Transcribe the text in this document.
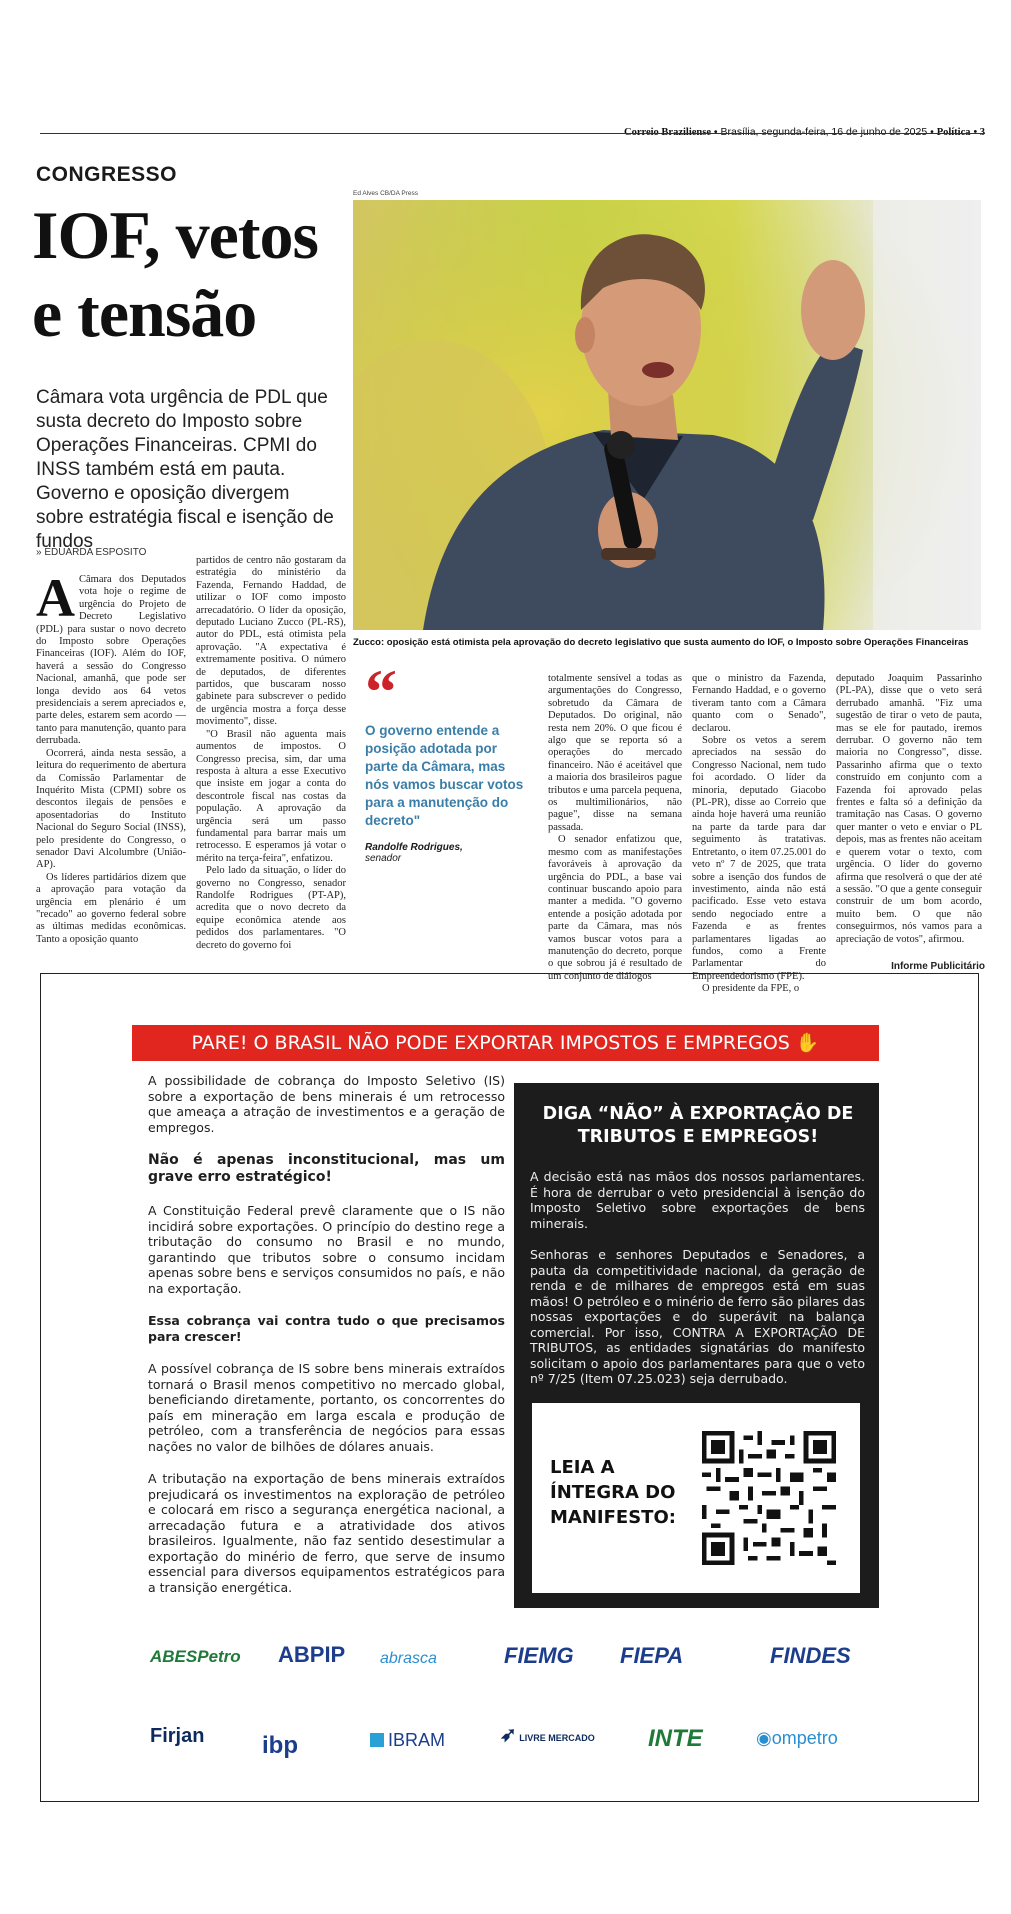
Correio Braziliense • Brasília, segunda-feira, 16 de junho de 2025 • Política • 3
CONGRESSO
IOF, vetos
e tensão
Câmara vota urgência de PDL que susta decreto do Imposto sobre Operações Financeiras. CPMI do INSS também está em pauta. Governo e oposição divergem sobre estratégia fiscal e isenção de fundos
» EDUARDA ESPOSITO
Ed Alves CB/DA Press
Zucco: oposição está otimista pela aprovação do decreto legislativo que susta aumento do IOF, o Imposto sobre Operações Financeiras
A Câmara dos Deputados vota hoje o regime de urgência do Projeto de Decreto Legislativo (PDL) para sustar o novo decreto do Imposto sobre Operações Financeiras (IOF). Além do IOF, haverá a sessão do Congresso Nacional, amanhã, que pode ser longa devido aos 64 vetos presidenciais a serem apreciados e, parte deles, estarem sem acordo — tanto para manutenção, quanto para derrubada.

Ocorrerá, ainda nesta sessão, a leitura do requerimento de abertura da Comissão Parlamentar de Inquérito Mista (CPMI) sobre os descontos ilegais de pensões e aposentadorias do Instituto Nacional do Seguro Social (INSS), pelo presidente do Congresso, o senador Davi Alcolumbre (União-AP).

Os líderes partidários dizem que a aprovação para votação da urgência em plenário é um "recado" ao governo federal sobre as últimas medidas econômicas. Tanto a oposição quanto

partidos de centro não gostaram da estratégia do ministério da Fazenda, Fernando Haddad, de utilizar o IOF como imposto arrecadatório. O líder da oposição, deputado Luciano Zucco (PL-RS), autor do PDL, está otimista pela aprovação. "A expectativa é extremamente positiva. O número de deputados, de diferentes partidos, que buscaram nosso gabinete para subscrever o pedido de urgência mostra a força desse movimento", disse.

"O Brasil não aguenta mais aumentos de impostos. O Congresso precisa, sim, dar uma resposta à altura a esse Executivo que insiste em jogar a conta do descontrole fiscal nas costas da população. A aprovação da urgência será um passo fundamental para barrar mais um retrocesso. E esperamos já votar o mérito na terça-feira", enfatizou.

Pelo lado da situação, o líder do governo no Congresso, senador Randolfe Rodrigues (PT-AP), acredita que o novo decreto da equipe econômica atende aos pedidos dos parlamentares. "O decreto do governo foi

“
O governo entende a posição adotada por parte da Câmara, mas nós vamos buscar votos para a manutenção do decreto"
Randolfe Rodrigues,
senador

totalmente sensível a todas as argumentações do Congresso, sobretudo da Câmara de Deputados. Do original, não resta nem 20%. O que ficou é algo que se reporta só a operações do mercado financeiro. Não é aceitável que a maioria dos brasileiros pague tributos e uma parcela pequena, os multimilionários, não pague", disse na semana passada.

O senador enfatizou que, mesmo com as manifestações favoráveis à aprovação da urgência do PDL, a base vai continuar buscando apoio para manter a medida. "O governo entende a posição adotada por parte da Câmara, mas nós vamos buscar votos para a manutenção do decreto, porque o que sobrou já é resultado de um conjunto de diálogos

que o ministro da Fazenda, Fernando Haddad, e o governo tiveram tanto com a Câmara quanto com o Senado", declarou.

Sobre os vetos a serem apreciados na sessão do Congresso Nacional, nem tudo foi acordado. O líder da minoria, deputado Giacobo (PL-PR), disse ao Correio que ainda hoje haverá uma reunião na parte da tarde para dar seguimento às tratativas. Entretanto, o item 07.25.001 do veto nº 7 de 2025, que trata sobre a isenção dos fundos de investimento, ainda não está pacificado. Esse veto estava sendo negociado entre a Fazenda e as frentes parlamentares ligadas ao fundos, como a Frente Parlamentar do Empreendedorismo (FPE).

O presidente da FPE, o

deputado Joaquim Passarinho (PL-PA), disse que o veto será derrubado amanhã. "Fiz uma sugestão de tirar o veto de pauta, mas se ele for pautado, iremos derrubar. O governo não tem maioria no Congresso", disse. Passarinho afirma que o texto construído em conjunto com a Fazenda foi aprovado pelas frentes e falta só a definição da tramitação nas Casas. O governo quer manter o veto e enviar o PL depois, mas as frentes não aceitam e querem votar o texto, com urgência. O líder do governo afirma que resolverá o que der até a sessão. "O que a gente conseguir construir de um bom acordo, muito bem. O que não conseguirmos, nós vamos para a apreciação de votos", afirmou.

Informe Publicitário
PARE! O BRASIL NÃO PODE EXPORTAR IMPOSTOS E EMPREGOS ✋

A possibilidade de cobrança do Imposto Seletivo (IS) sobre a exportação de bens minerais é um retrocesso que ameaça a atração de investimentos e a geração de empregos.

Não é apenas inconstitucional, mas um grave erro estratégico!

A Constituição Federal prevê claramente que o IS não incidirá sobre exportações. O princípio do destino rege a tributação do consumo no Brasil e no mundo, garantindo que tributos sobre o consumo incidam apenas sobre bens e serviços consumidos no país, e não na exportação.

Essa cobrança vai contra tudo o que precisamos para crescer!

A possível cobrança de IS sobre bens minerais extraídos tornará o Brasil menos competitivo no mercado global, beneficiando diretamente, portanto, os concorrentes do país em mineração em larga escala e produção de petróleo, com a transferência de negócios para essas nações no valor de bilhões de dólares anuais.

A tributação na exportação de bens minerais extraídos prejudicará os investimentos na exploração de petróleo e colocará em risco a segurança energética nacional, a arrecadação futura e a atratividade dos ativos brasileiros. Igualmente, não faz sentido desestimular a exportação do minério de ferro, que serve de insumo essencial para diversos equipamentos estratégicos para a transição energética.

DIGA “NÃO” À EXPORTAÇÃO DE TRIBUTOS E EMPREGOS!

A decisão está nas mãos dos nossos parlamentares. É hora de derrubar o veto presidencial à isenção do Imposto Seletivo sobre exportações de bens minerais.

Senhoras e senhores Deputados e Senadores, a pauta da competitividade nacional, da geração de renda e de milhares de empregos está em suas mãos! O petróleo e o minério de ferro são pilares das nossas exportações e do superávit na balança comercial. Por isso, CONTRA A EXPORTAÇÃO DE TRIBUTOS, as entidades signatárias do manifesto solicitam o apoio dos parlamentares para que o veto nº 7/25 (Item 07.25.023) seja derrubado.

LEIA A
ÍNTEGRA DO
MANIFESTO:
ABESPetro ABPIP abrasca	FIEMG FIEPA	FINDES
Firjan ibp	IBRAM	➶ LIVRE MERCADO INTE	◉ompetro
